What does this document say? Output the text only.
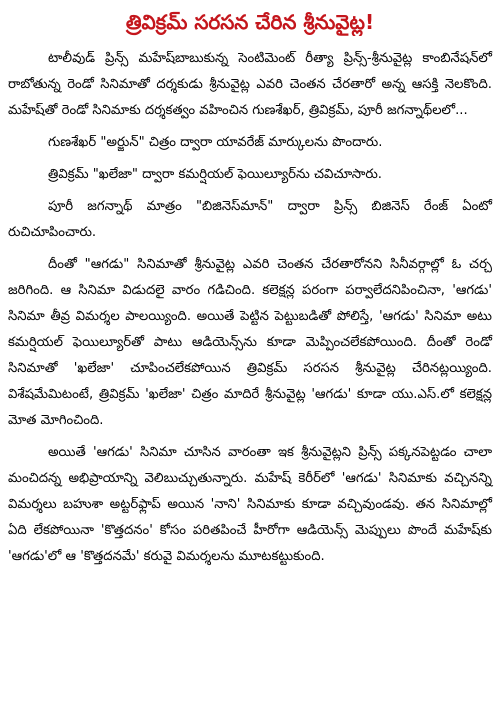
త్రివిక్రమ్ సరసన చేరిన శ్రీనువైట్ల!

టాలీవుడ్ ప్రిన్స్ మహేష్‌బాబుకున్న సెంటిమెంట్ రీత్యా ప్రిన్స్-శ్రీనువైట్ల కాంబినేషన్‌లో రాబోతున్న రెండో సినిమాతో దర్శకుడు శ్రీనువైట్ల ఎవరి చెంతన చేరతారో అన్న ఆసక్తి నెలకొంది. మహేష్‌తో రెండో సినిమాకు దర్శకత్వం వహించిన గుణశేఖర్, త్రివిక్రమ్, పూరీ జగన్నాథ్‌లలో...

గుణశేఖర్ "అర్జున్" చిత్రం ద్వారా యావరేజ్ మార్కులను పొందారు.

త్రివిక్రమ్ "ఖలేజా" ద్వారా కమర్షియల్ ఫెయిల్యూర్‌ను చవిచూసారు.

పూరీ జగన్నాథ్ మాత్రం "బిజినెస్‌మాన్" ద్వారా ప్రిన్స్ బిజినెస్ రేంజ్ ఏంటో రుచిచూపించారు.

దీంతో "ఆగడు" సినిమాతో శ్రీనువైట్ల ఎవరి చెంతన చేరతారోనని సినీవర్గాల్లో ఓ చర్చ జరిగింది. ఆ సినిమా విడుదలై వారం గడిచింది. కలెక్షన్ల పరంగా పర్వాలేదనిపించినా, 'ఆగడు' సినిమా తీవ్ర విమర్శల పాలయ్యింది. అయితే పెట్టిన పెట్టుబడితో పోలిస్తే, 'ఆగడు' సినిమా అటు కమర్షియల్ ఫెయిల్యూర్‌తో పాటు ఆడియెన్స్‌ను కూడా మెప్పించలేకపోయింది. దీంతో రెండో సినిమాతో 'ఖలేజా' చూపించలేకపోయిన త్రివిక్రమ్ సరసన శ్రీనువైట్ల చేరినట్లయ్యింది. విశేషమేమిటంటే, త్రివిక్రమ్ 'ఖలేజా' చిత్రం మాదిరే శ్రీనువైట్ల 'ఆగడు' కూడా యు.ఎస్.లో కలెక్షన్ల మోత మోగించింది.

అయితే 'ఆగడు' సినిమా చూసిన వారంతా ఇక శ్రీనువైట్లని ప్రిన్స్ పక్కనపెట్టడం చాలా మంచిదన్న అభిప్రాయాన్ని వెలిబుచ్చుతున్నారు. మహేష్ కెరీర్‌లో 'ఆగడు' సినిమాకు వచ్చినన్ని విమర్శలు బహుశా అట్టర్‌ఫ్లాప్ అయిన 'నాని' సినిమాకు కూడా వచ్చివుండవు. తన సినిమాల్లో ఏది లేకపోయినా 'కొత్తదనం' కోసం పరితపించే హీరోగా ఆడియెన్స్ మెప్పులు పొందే మహేష్‌కు 'ఆగడు'లో ఆ 'కొత్తదనమే' కరువై విమర్శలను మూటకట్టుకుంది.
